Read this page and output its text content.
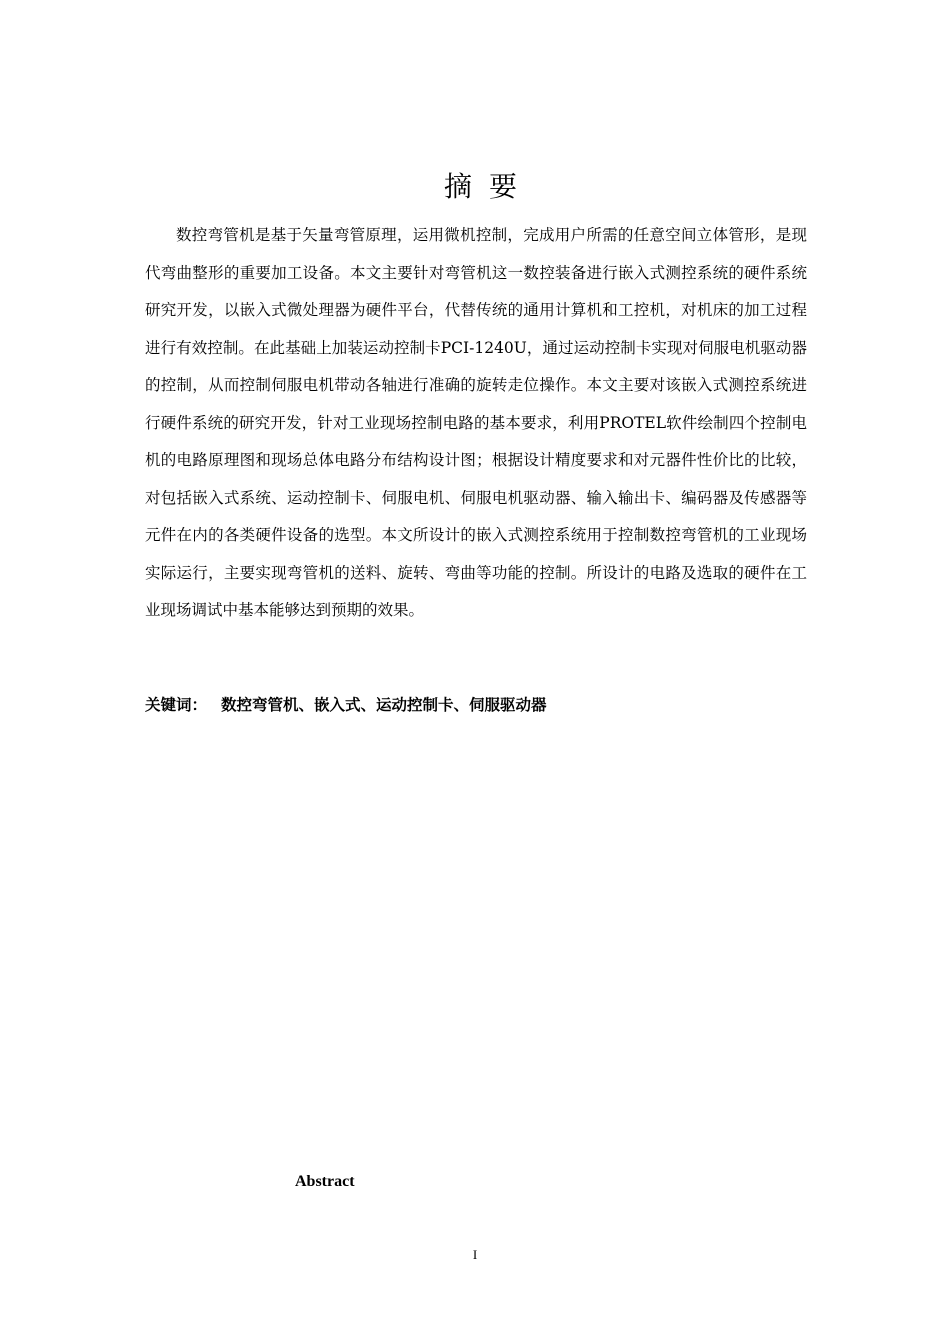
摘 要

数控弯管机是基于矢量弯管原理，运用微机控制，完成用户所需的任意空间立体管形，是现代弯曲整形的重要加工设备。本文主要针对弯管机这一数控装备进行嵌入式测控系统的硬件系统研究开发，以嵌入式微处理器为硬件平台，代替传统的通用计算机和工控机，对机床的加工过程进行有效控制。在此基础上加装运动控制卡PCI-1240U，通过运动控制卡实现对伺服电机驱动器的控制，从而控制伺服电机带动各轴进行准确的旋转走位操作。本文主要对该嵌入式测控系统进行硬件系统的研究开发，针对工业现场控制电路的基本要求，利用PROTEL软件绘制四个控制电机的电路原理图和现场总体电路分布结构设计图；根据设计精度要求和对元器件性价比的比较，对包括嵌入式系统、运动控制卡、伺服电机、伺服电机驱动器、输入输出卡、编码器及传感器等元件在内的各类硬件设备的选型。本文所设计的嵌入式测控系统用于控制数控弯管机的工业现场实际运行，主要实现弯管机的送料、旋转、弯曲等功能的控制。所设计的电路及选取的硬件在工业现场调试中基本能够达到预期的效果。

关键词： 数控弯管机、嵌入式、运动控制卡、伺服驱动器
Abstract
I
